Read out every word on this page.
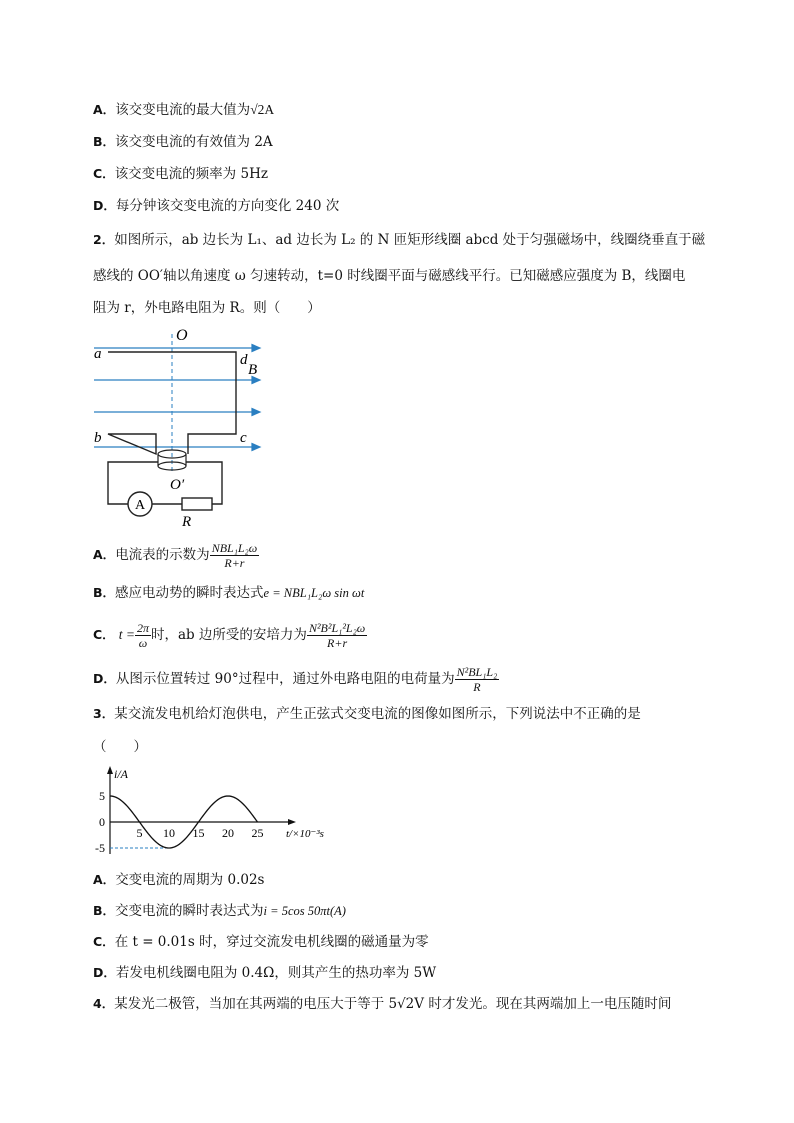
A．该交变电流的最大值为√2A
B．该交变电流的有效值为 2A
C．该交变电流的频率为 5Hz
D．每分钟该交变电流的方向变化 240 次
2．如图所示，ab 边长为 L₁、ad 边长为 L₂ 的 N 匝矩形线圈 abcd 处于匀强磁场中，线圈绕垂直于磁
感线的 OO′轴以角速度 ω 匀速转动，t=0 时线圈平面与磁感线平行。已知磁感应强度为 B，线圈电
阻为 r，外电路电阻为 R。则（　　）
A
O
a	d
B
b	c
O′
R
A． 电流表的示数为 $\frac{\text{NBL₁L₂ω}}{R+r}$
B．感应电动势的瞬时表达式e = NBL₁L₂ω sin ωt
C． $t = \frac{2\pi}{\omega}$ 时，ab 边所受的安培力为 $\frac{\text{N²B²L₁²L₂ω}}{R+r}$
D． 从图示位置转过 90°过程中，通过外电路电阻的电荷量为 $\frac{\text{N²BL₁L₂}}{R}$
3．某交流发电机给灯泡供电，产生正弦式交变电流的图像如图所示，下列说法中不正确的是
（　　）
5
0
-5
5 10 15 20 25
i/A
t/×10⁻³s
A．交变电流的周期为 0.02s
B．交变电流的瞬时表达式为i = 5cos 50πt(A)
C．在 t = 0.01s 时，穿过交流发电机线圈的磁通量为零
D．若发电机线圈电阻为 0.4Ω，则其产生的热功率为 5W
4．某发光二极管，当加在其两端的电压大于等于 5√2V 时才发光。现在其两端加上一电压随时间
